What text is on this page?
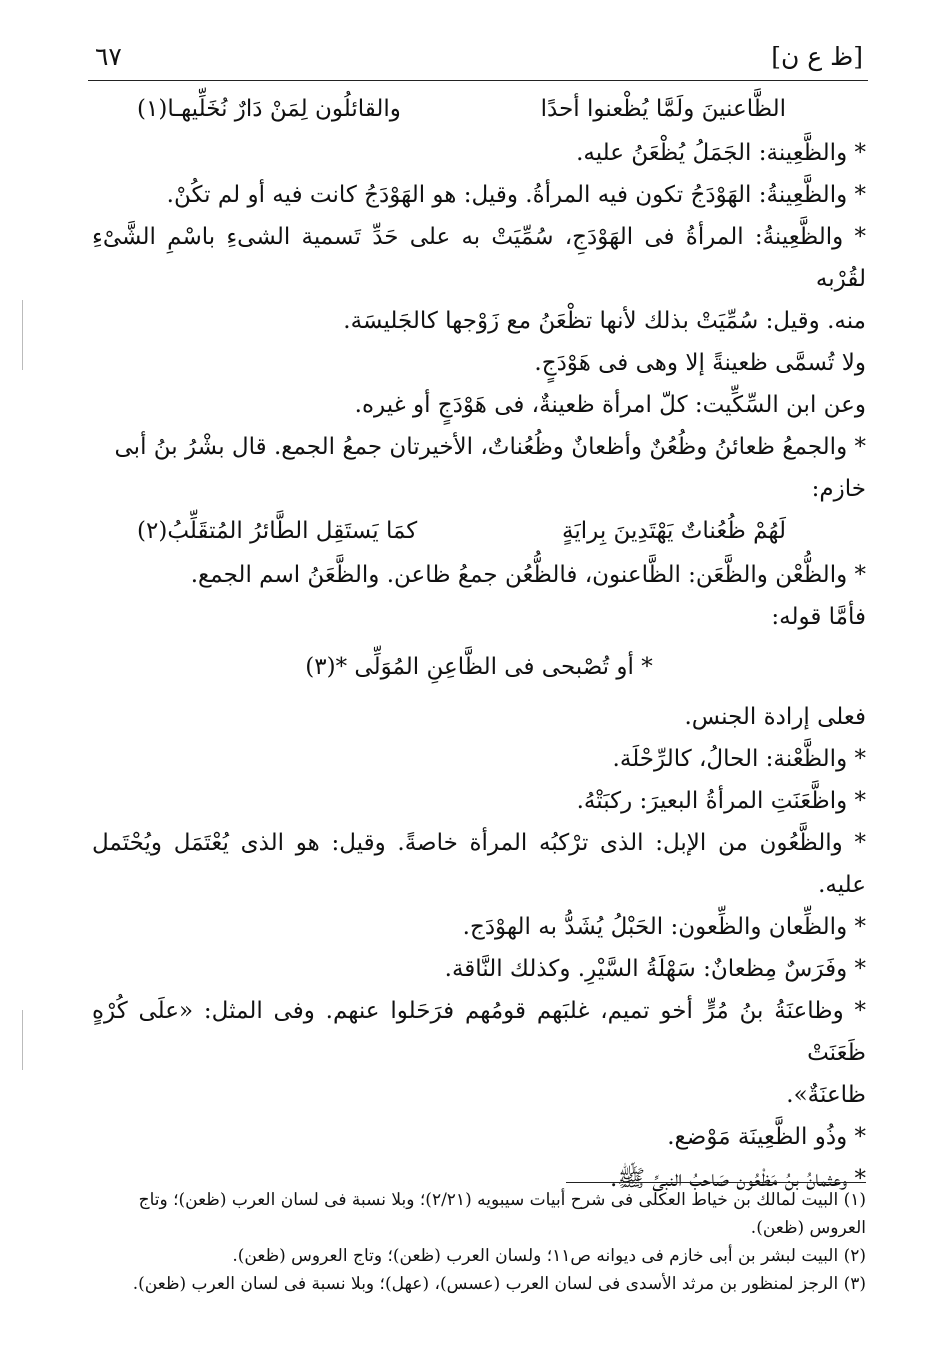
[ظ ع ن]
٦٧
الظَّاعنينَ ولَمَّا يُظْعنوا أحدًا
والقائلُون لِمَنْ دَارٌ نُخَلِّيهـا(١)
* والظَّعِينة: الجَمَلُ يُظْعَنُ عليه.
* والظَّعِينةُ: الهَوْدَجُ تكون فيه المرأةُ. وقيل: هو الهَوْدَجُ كانت فيه أو لم تكُنْ.
* والظَّعِينةُ: المرأةُ فى الهَوْدَجِ، سُمِّيَتْ به على حَدِّ تَسمية الشىءِ باسْمِ الشَّىْءِ لقُرْبه
منه. وقيل: سُمِّيَتْ بذلك لأنها تظْعَنُ مع زَوْجها كالجَليسَة.
ولا تُسمَّى ظعينةً إلا وهى فى هَوْدَجٍ.
وعن ابن السِّكِّيت: كلّ امرأة ظعينةٌ، فى هَوْدَجٍ أو غيره.
* والجمعُ ظعائنُ وظُعُنٌ وأظعانٌ وظُعُناتٌ، الأخيرتان جمعُ الجمع. قال بشْرُ بنُ أبى
خازم:
لَهُمْ ظُعُناتٌ يَهْتَدِينَ بِرايَةٍ
كمَا يَستَقِل الطَّائرُ المُتقَلِّبُ(٢)
* والظُّعْن والظَّعَن: الظَّاعنون، فالظُّعُن جمعُ ظاعن. والظَّعَنُ اسم الجمع.
فأمَّا قوله:
* أو تُصْبحى فى الظَّاعِنِ المُوَلِّى *(٣)
فعلى إرادة الجنس.
* والظَّعْنة: الحالُ، كالرِّحْلَة.
* واظَّعَنَتِ المرأةُ البعيرَ: ركبَتْهُ.
* والظَّعُون من الإبل: الذى ترْكبُه المرأة خاصةً. وقيل: هو الذى يُعْتَمَل ويُحْتَمل عليه.
* والظِّعان والظِّعون: الحَبْلُ يُشَدُّ به الهوْدَج.
* وفَرَسٌ مِظعانٌ: سَهْلَةُ السَّيْرِ. وكذلك النَّاقة.
* وظاعنَةُ بنُ مُرٍّ أخو تميم، غلبَهم قومُهم فرَحَلوا عنهم. وفى المثل: «علَى كُرْهٍ ظَعَنَتْ
ظاعنَةٌ».
* وذُو الظَّعِينَة مَوْضع.
* وعثمانُ بنُ مَظْعُون صَاحبُ النبىِّ ﷺ.
(١) البيت لمالك بن خياط العكلى فى شرح أبيات سيبويه (٢/٢١)؛ وبلا نسبة فى لسان العرب (ظعن)؛ وتاج
العروس (ظعن).
(٢) البيت لبشر بن أبى خازم فى ديوانه ص١١؛ ولسان العرب (ظعن)؛ وتاج العروس (ظعن).
(٣) الرجز لمنظور بن مرثد الأسدى فى لسان العرب (عسس)، (عهل)؛ وبلا نسبة فى لسان العرب (ظعن).
